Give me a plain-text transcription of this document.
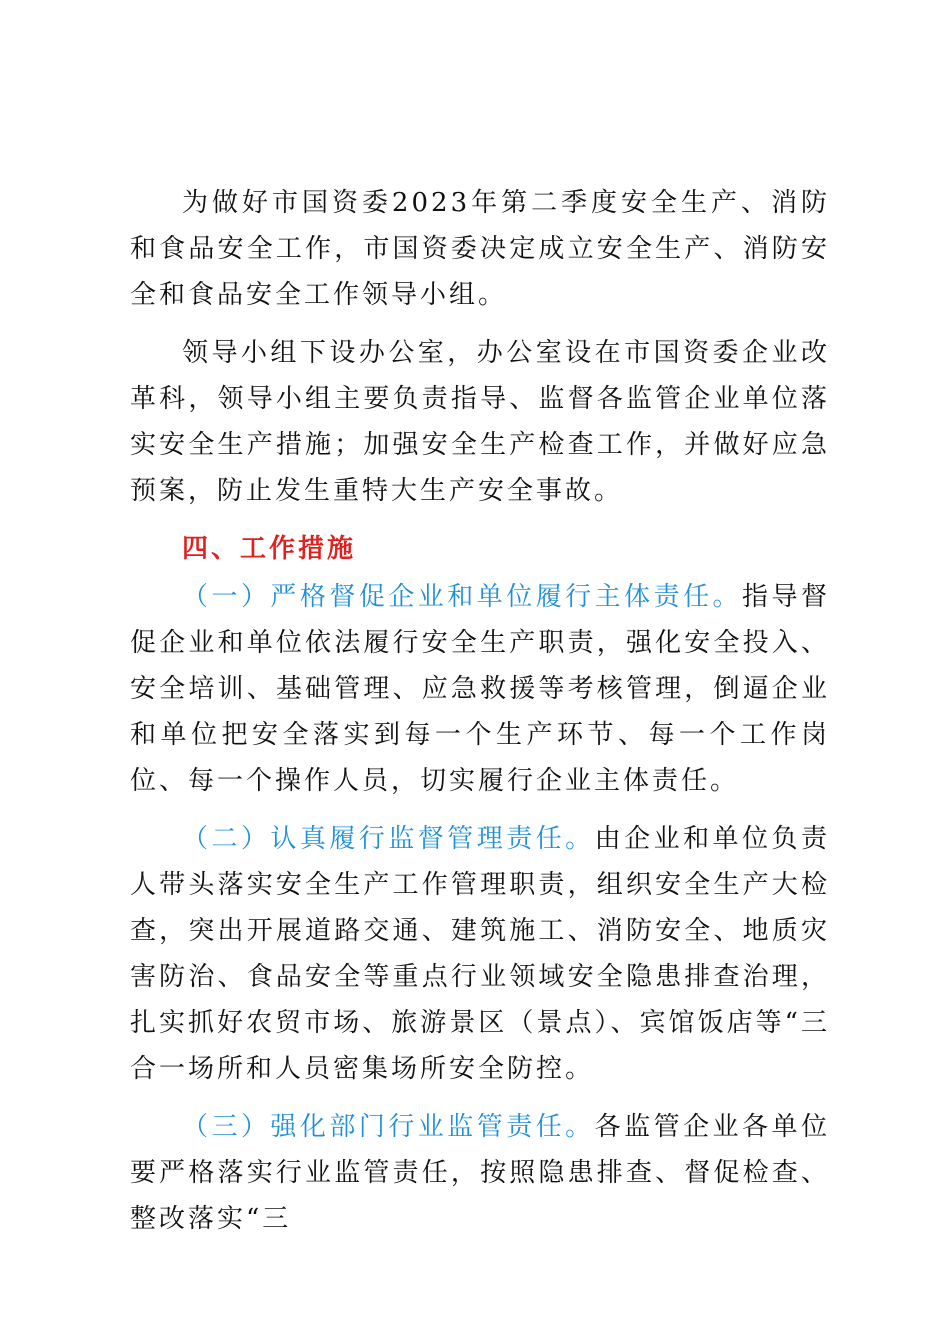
为做好市国资委2023年第二季度安全生产、消防和食品安全工作，市国资委决定成立安全生产、消防安全和食品安全工作领导小组。

领导小组下设办公室，办公室设在市国资委企业改革科，领导小组主要负责指导、监督各监管企业单位落实安全生产措施；加强安全生产检查工作，并做好应急预案，防止发生重特大生产安全事故。

四、工作措施

（一）严格督促企业和单位履行主体责任。指导督促企业和单位依法履行安全生产职责，强化安全投入、安全培训、基础管理、应急救援等考核管理，倒逼企业和单位把安全落实到每一个生产环节、每一个工作岗位、每一个操作人员，切实履行企业主体责任。

（二）认真履行监督管理责任。由企业和单位负责人带头落实安全生产工作管理职责，组织安全生产大检查，突出开展道路交通、建筑施工、消防安全、地质灾害防治、食品安全等重点行业领域安全隐患排查治理，扎实抓好农贸市场、旅游景区（景点）、宾馆饭店等“三合一场所和人员密集场所安全防控。

（三）强化部门行业监管责任。各监管企业各单位要严格落实行业监管责任，按照隐患排查、督促检查、整改落实“三
